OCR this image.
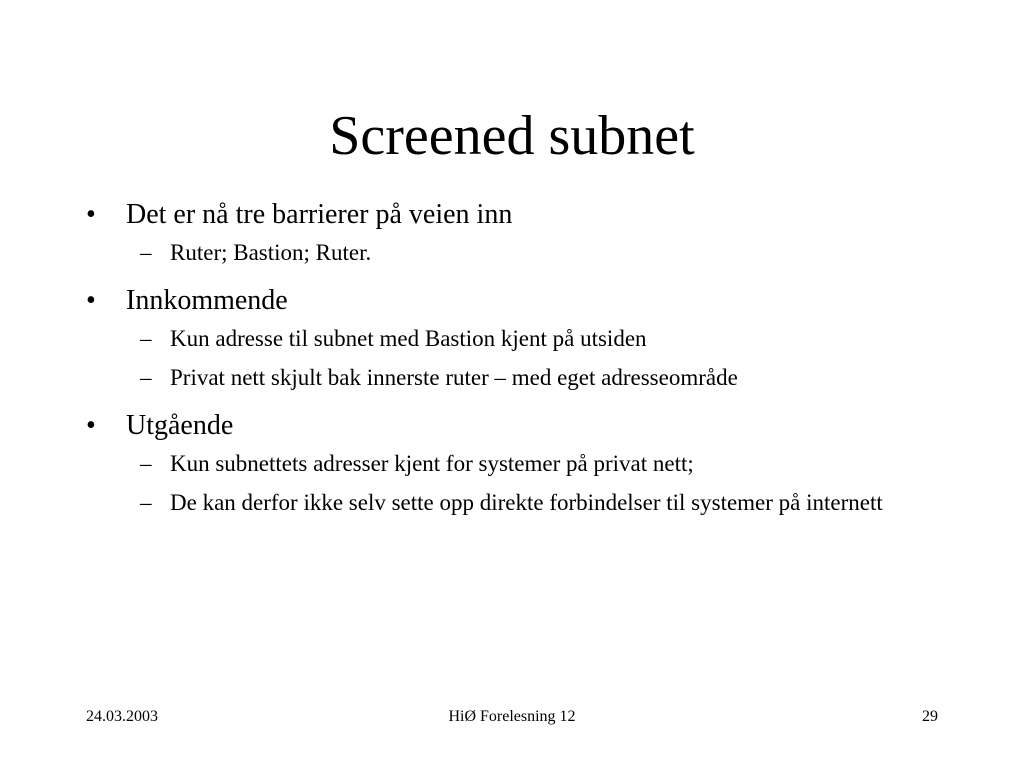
Screened subnet
•	Det er nå tre barrierer på veien inn
– Ruter; Bastion; Ruter.
•	Innkommende
– Kun adresse til subnet med Bastion kjent på utsiden
– Privat nett skjult bak innerste ruter – med eget adresseområde
•	Utgående
– Kun subnettets adresser kjent for systemer på privat nett;
– De kan derfor ikke selv sette opp direkte forbindelser til systemer på internett
24.03.2003	HiØ Forelesning 12	29
